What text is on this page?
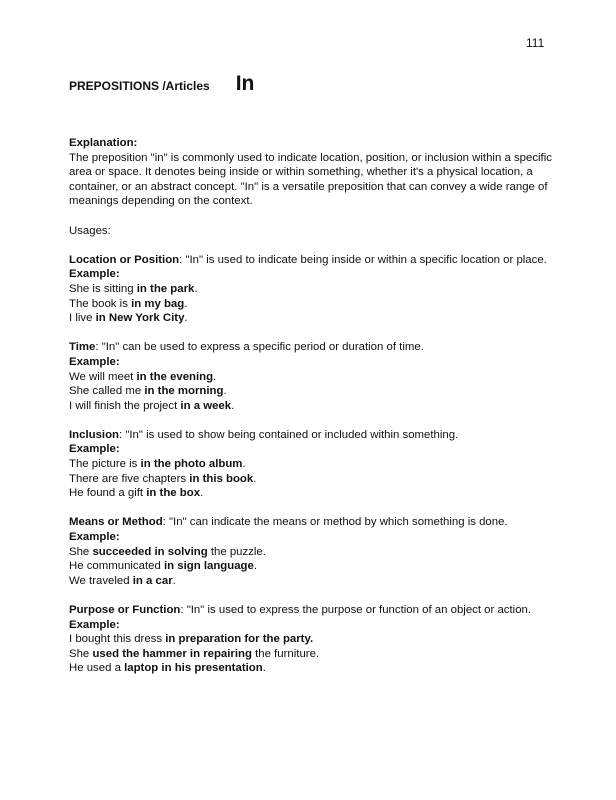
111
PREPOSITIONS /Articles In

Explanation:

The preposition "in" is commonly used to indicate location, position, or inclusion within a specific area or space. It denotes being inside or within something, whether it's a physical location, a container, or an abstract concept. "In" is a versatile preposition that can convey a wide range of meanings depending on the context.

Usages:

Location or Position: "In" is used to indicate being inside or within a specific location or place.

Example:

She is sitting in the park.

The book is in my bag.

I live in New York City.

Time: "In" can be used to express a specific period or duration of time.

Example:

We will meet in the evening.

She called me in the morning.

I will finish the project in a week.

Inclusion: "In" is used to show being contained or included within something.

Example:

The picture is in the photo album.

There are five chapters in this book.

He found a gift in the box.

Means or Method: "In" can indicate the means or method by which something is done.

Example:

She succeeded in solving the puzzle.

He communicated in sign language.

We traveled in a car.

Purpose or Function: "In" is used to express the purpose or function of an object or action.

Example:

I bought this dress in preparation for the party.

She used the hammer in repairing the furniture.

He used a laptop in his presentation.
